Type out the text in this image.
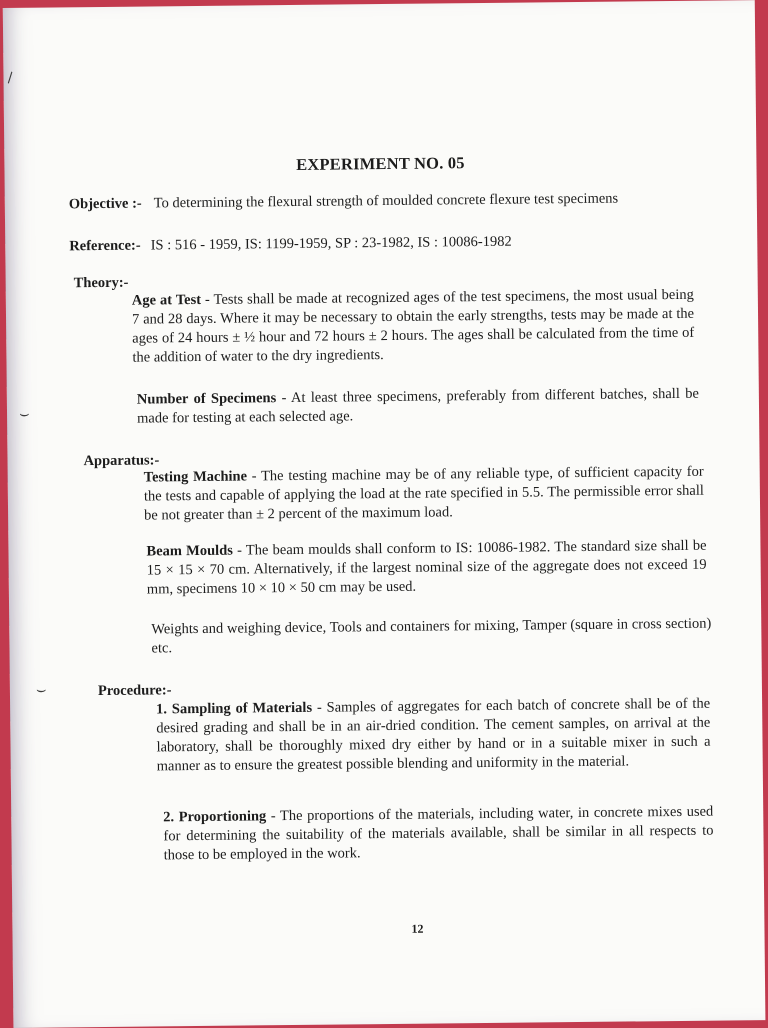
EXPERIMENT NO. 05
Objective :- To determining the flexural strength of moulded concrete flexure test specimens
Reference:- IS : 516 - 1959, IS: 1199-1959, SP : 23-1982, IS : 10086-1982
Theory:-

Age at Test - Tests shall be made at recognized ages of the test specimens, the most usual being 7 and 28 days. Where it may be necessary to obtain the early strengths, tests may be made at the ages of 24 hours ± ½ hour and 72 hours ± 2 hours. The ages shall be calculated from the time of the addition of water to the dry ingredients.

Number of Specimens - At least three specimens, preferably from different batches, shall be made for testing at each selected age.

Apparatus:-

Testing Machine - The testing machine may be of any reliable type, of sufficient capacity for the tests and capable of applying the load at the rate specified in 5.5. The permissible error shall be not greater than ± 2 percent of the maximum load.

Beam Moulds - The beam moulds shall conform to IS: 10086-1982. The standard size shall be 15 × 15 × 70 cm. Alternatively, if the largest nominal size of the aggregate does not exceed 19 mm, specimens 10 × 10 × 50 cm may be used.

Weights and weighing device, Tools and containers for mixing, Tamper (square in cross section) etc.

Procedure:-

1. Sampling of Materials - Samples of aggregates for each batch of concrete shall be of the desired grading and shall be in an air-dried condition. The cement samples, on arrival at the laboratory, shall be thoroughly mixed dry either by hand or in a suitable mixer in such a manner as to ensure the greatest possible blending and uniformity in the material.

2. Proportioning - The proportions of the materials, including water, in concrete mixes used for determining the suitability of the materials available, shall be similar in all respects to those to be employed in the work.

12
\
⌣
⌣
